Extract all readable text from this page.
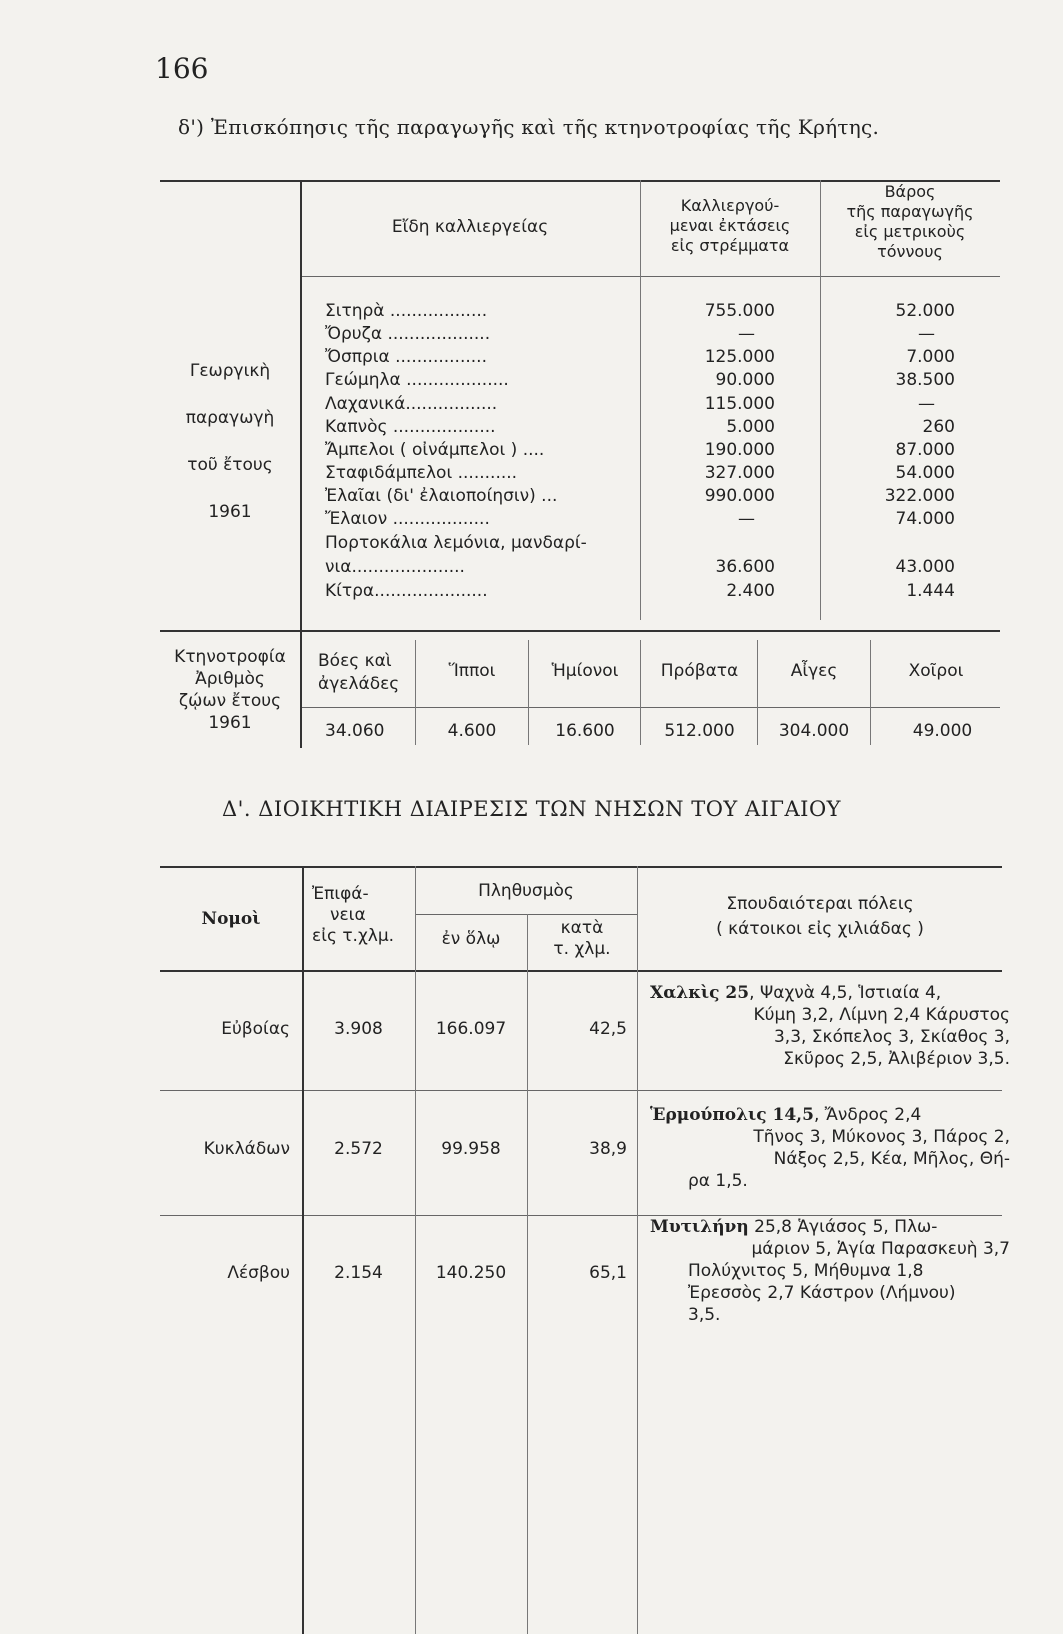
166
δ') Ἐπισκόπησις τῆς παραγωγῆς καὶ τῆς κτηνοτροφίας τῆς Κρήτης.
Εἴδη καλλιεργείας
Καλλιεργού-
μεναι ἐκτάσεις
εἰς στρέμματα
Βάρος
τῆς παραγωγῆς
εἰς μετρικοὺς
τόννους
Γεωργικὴ
παραγωγὴ
τοῦ ἔτους
1961
Σιτηρὰ ..................	755.000	52.000
Ὄρυζα ...................	—	—
Ὄσπρια .................	125.000	7.000
Γεώμηλα ...................	90.000	38.500
Λαχανικά.................	115.000	—
Καπνὸς ...................	5.000	260
Ἄμπελοι ( οἰνάμπελοι ) ....	190.000	87.000
Σταφιδάμπελοι ...........	327.000	54.000
Ἐλαῖαι (δι' ἐλαιοποίησιν) ...	990.000	322.000
Ἔλαιον ..................	—	74.000
Πορτοκάλια λεμόνια, μανδαρί-
νια.....................	36.600	43.000
Κίτρα.....................	2.400	1.444
Κτηνοτροφία
Ἀριθμὸς
ζῴων ἔτους
1961
Βόες καὶ
ἀγελάδες
Ἵπποι	Ἡμίονοι	Πρόβατα	Αἶγες	Χοῖροι
34.060	4.600	16.600	512.000	304.000	49.000
Δ'. ΔΙΟΙΚΗΤΙΚΗ ΔΙΑΙΡΕΣΙΣ ΤΩΝ ΝΗΣΩΝ ΤΟΥ ΑΙΓΑΙΟΥ
Νομοὶ
Ἐπιφά-
νεια
εἰς τ.χλμ.
Πληθυσμὸς
ἐν ὅλῳ
κατὰ
τ. χλμ.
Σπουδαιότεραι πόλεις
( κάτοικοι εἰς χιλιάδας )
Εὐβοίας	3.908	166.097	42,5
Χαλκὶς 25, Ψαχνὰ 4,5, Ἱστιαία 4,
Κύμη 3,2, Λίμνη 2,4 Κάρυστος
3,3, Σκόπελος 3, Σκίαθος 3,
Σκῦρος 2,5, Ἀλιβέριον 3,5.
Κυκλάδων	2.572	99.958	38,9
Ἑρμούπολις 14,5, Ἄνδρος 2,4
Τῆνος 3, Μύκονος 3, Πάρος 2,
Νάξος 2,5, Κέα, Μῆλος, Θή-
ρα 1,5.
Λέσβου	2.154	140.250	65,1
Μυτιλήνη 25,8 Ἁγιάσος 5, Πλω-
μάριον 5, Ἁγία Παρασκευὴ 3,7
Πολύχνιτος 5, Μήθυμνα 1,8
Ἐρεσσὸς 2,7 Κάστρον (Λήμνου)
3,5.
